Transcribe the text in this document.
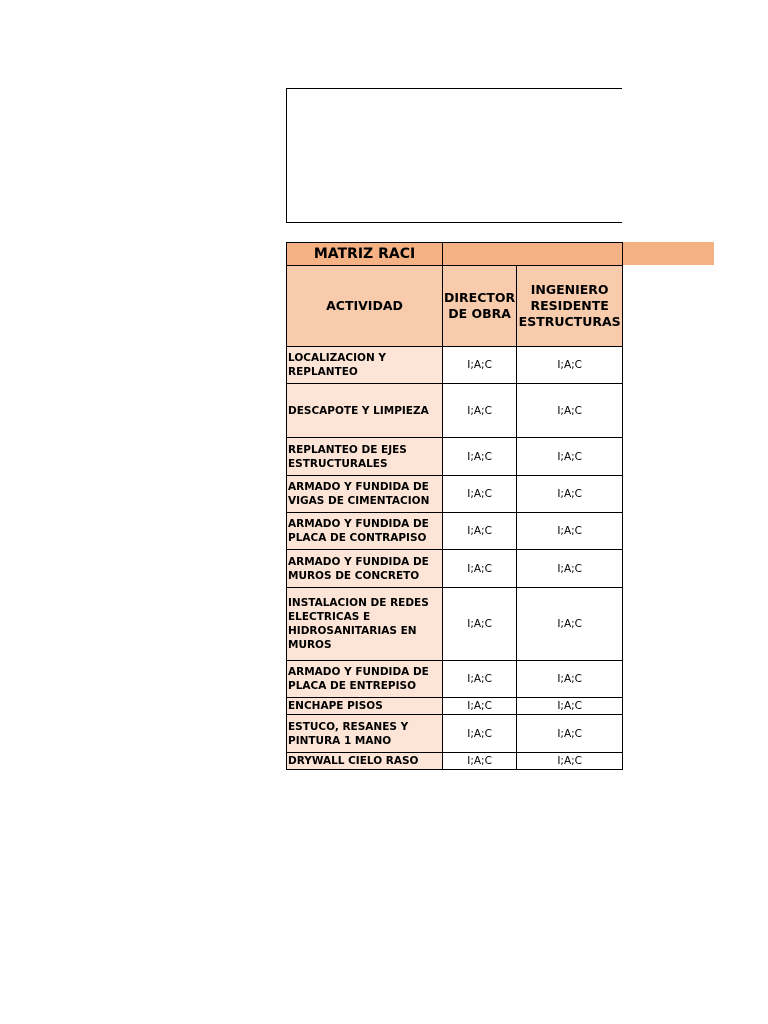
MATRIZ RACI		
ACTIVIDAD	DIRECTOR DE OBRA	INGENIERO RESIDENTE ESTRUCTURAS
LOCALIZACION Y REPLANTEO	I;A;C	I;A;C
DESCAPOTE Y LIMPIEZA	I;A;C	I;A;C
REPLANTEO DE EJES ESTRUCTURALES	I;A;C	I;A;C
ARMADO Y FUNDIDA DE VIGAS DE CIMENTACION	I;A;C	I;A;C
ARMADO Y FUNDIDA DE PLACA DE CONTRAPISO	I;A;C	I;A;C
ARMADO Y FUNDIDA DE MUROS DE CONCRETO	I;A;C	I;A;C
INSTALACION DE REDES ELECTRICAS E HIDROSANITARIAS EN MUROS	I;A;C	I;A;C
ARMADO Y FUNDIDA DE PLACA DE ENTREPISO	I;A;C	I;A;C
ENCHAPE PISOS	I;A;C	I;A;C
ESTUCO, RESANES Y PINTURA 1 MANO	I;A;C	I;A;C
DRYWALL CIELO RASO	I;A;C	I;A;C
